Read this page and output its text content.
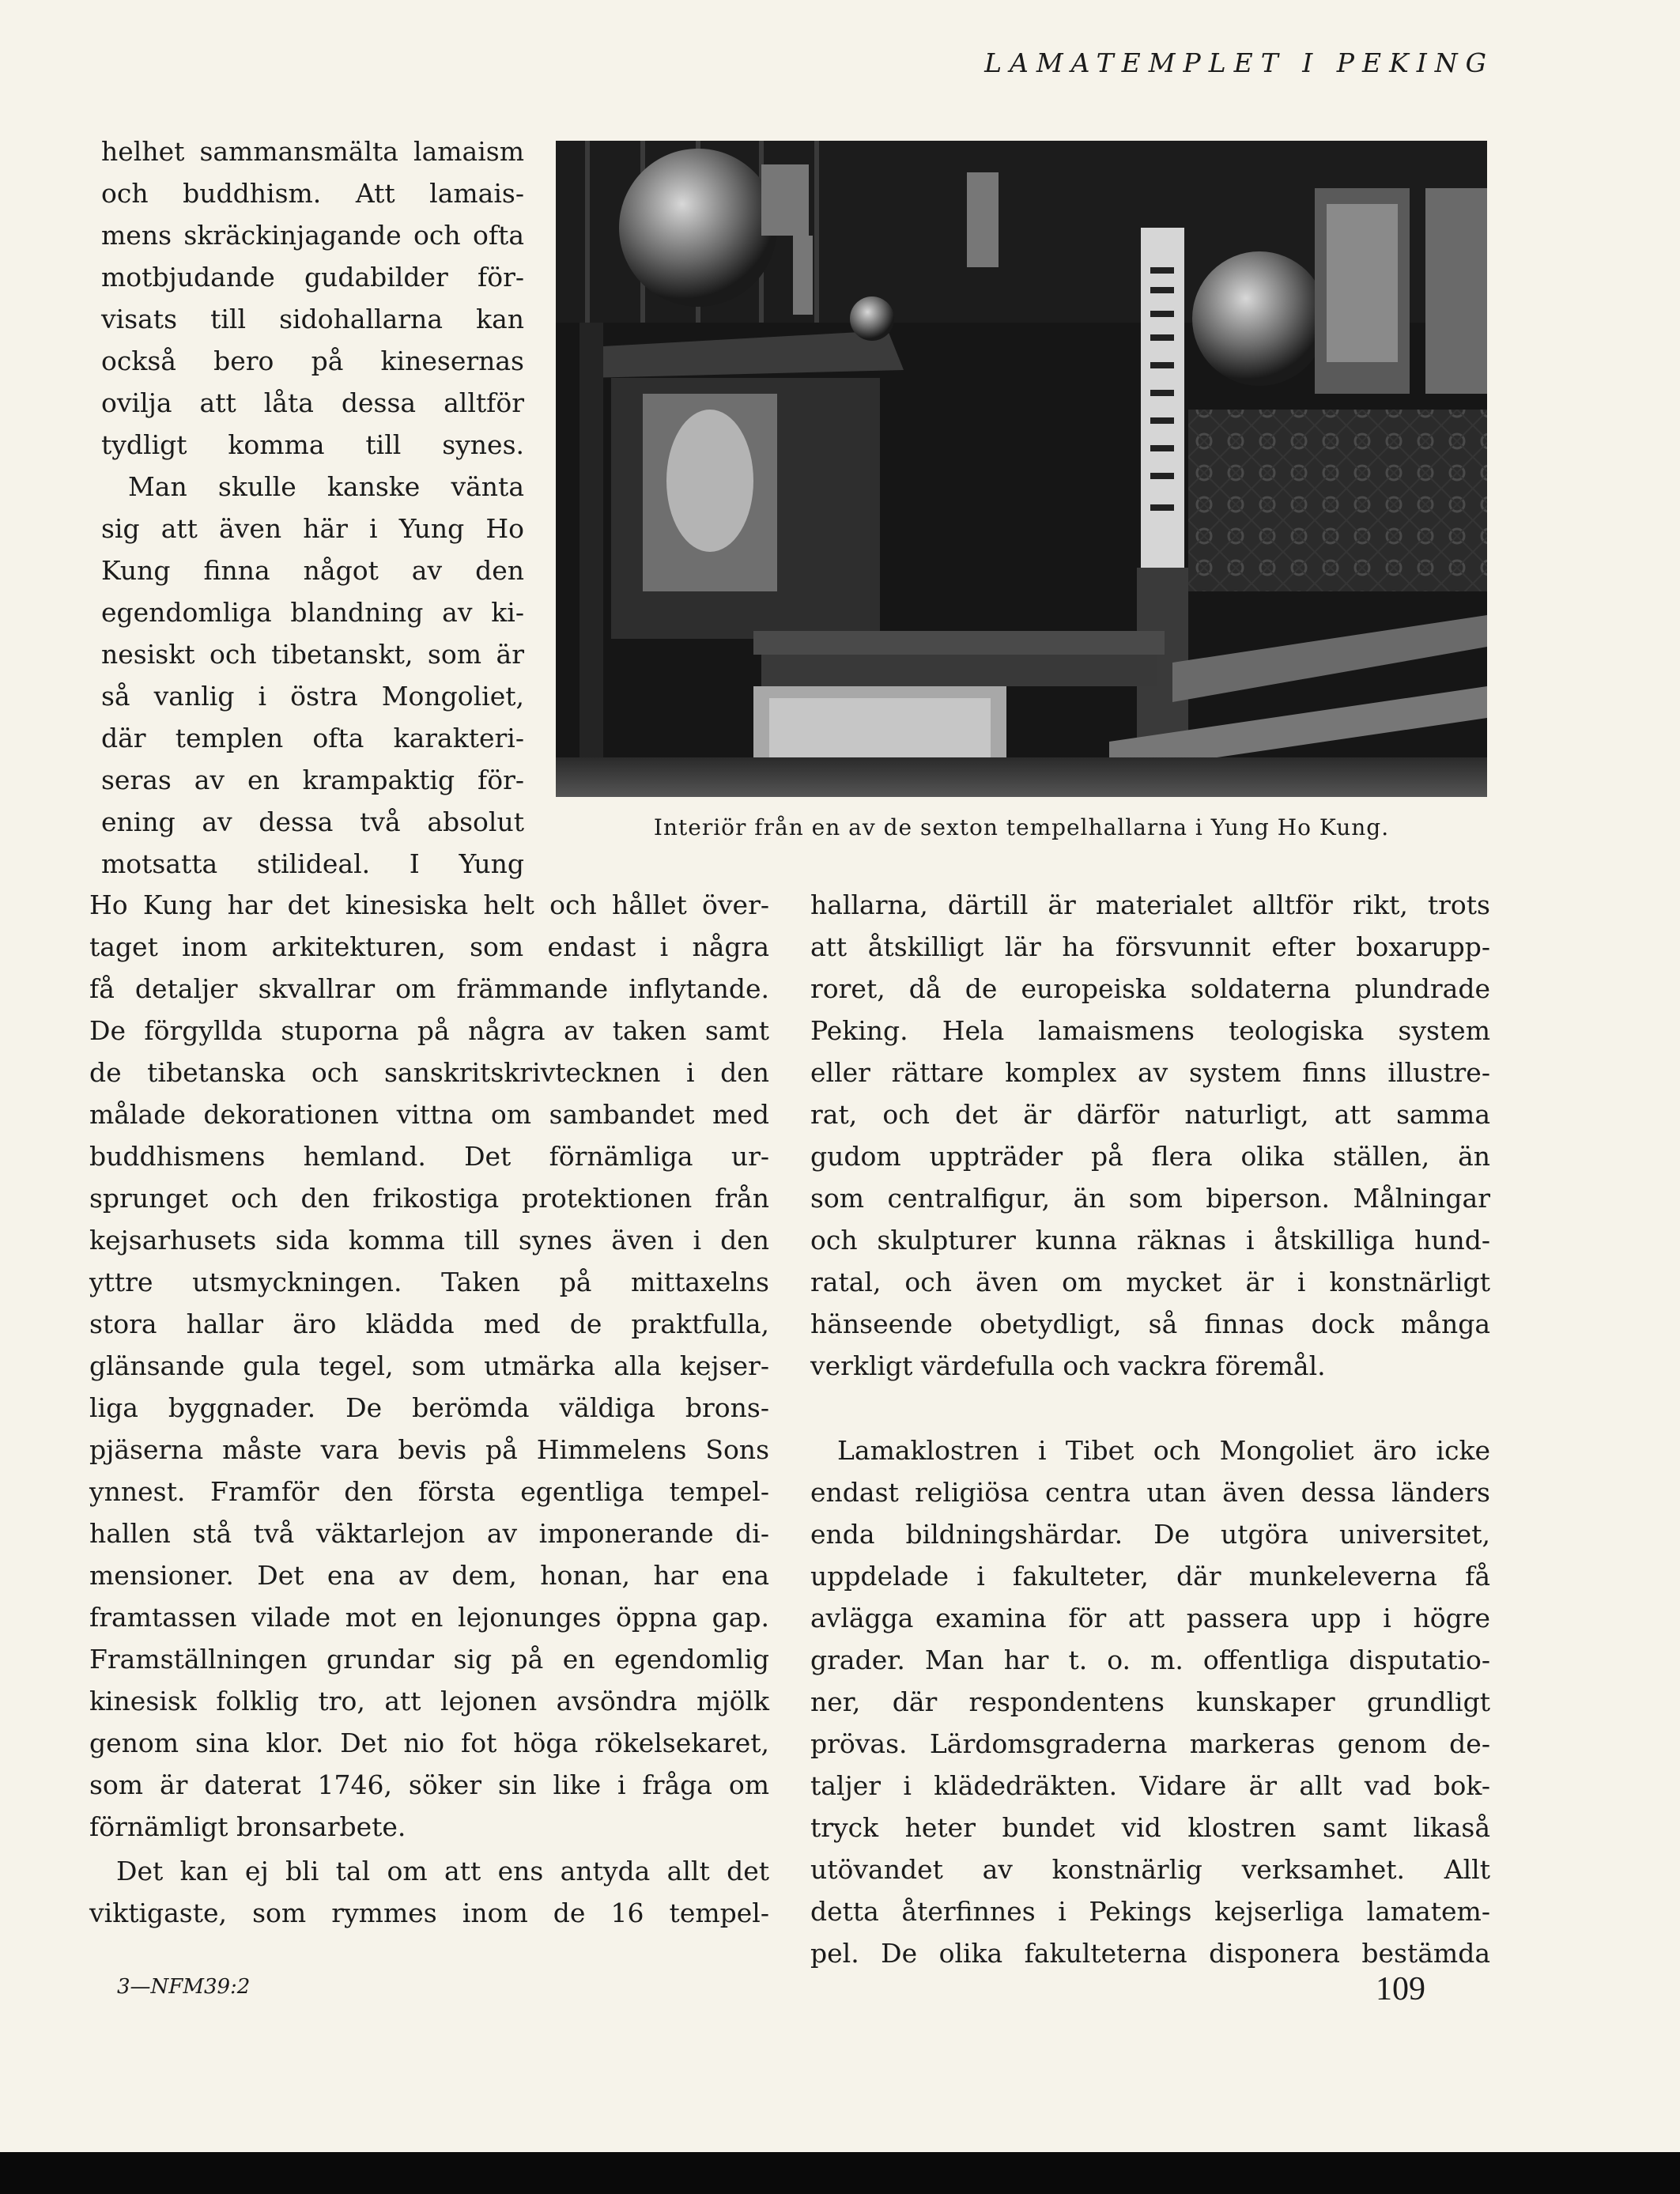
LAMATEMPLET I PEKING
helhet sammansmälta lamaism
och buddhism. Att lamais-
mens skräckinjagande och ofta
motbjudande gudabilder för-
visats till sidohallarna kan
också bero på kinesernas
ovilja att låta dessa alltför
tydligt komma till synes.
Man skulle kanske vänta
sig att även här i Yung Ho
Kung finna något av den
egendomliga blandning av ki-
nesiskt och tibetanskt, som är
så vanlig i östra Mongoliet,
där templen ofta karakteri-
seras av en krampaktig för-
ening av dessa två absolut
motsatta stilideal. I Yung
Interiör från en av de sexton tempelhallarna i Yung Ho Kung.
Ho Kung har det kinesiska helt och hållet över-
taget inom arkitekturen, som endast i några
få detaljer skvallrar om främmande inflytande.
De förgyllda stuporna på några av taken samt
de tibetanska och sanskritskrivtecknen i den
målade dekorationen vittna om sambandet med
buddhismens hemland. Det förnämliga ur-
sprunget och den frikostiga protektionen från
kejsarhusets sida komma till synes även i den
yttre utsmyckningen. Taken på mittaxelns
stora hallar äro klädda med de praktfulla,
glänsande gula tegel, som utmärka alla kejser-
liga byggnader. De berömda väldiga brons-
pjäserna måste vara bevis på Himmelens Sons
ynnest. Framför den första egentliga tempel-
hallen stå två väktarlejon av imponerande di-
mensioner. Det ena av dem, honan, har ena
framtassen vilade mot en lejonunges öppna gap.
Framställningen grundar sig på en egendomlig
kinesisk folklig tro, att lejonen avsöndra mjölk
genom sina klor. Det nio fot höga rökelsekaret,
som är daterat 1746, söker sin like i fråga om
förnämligt bronsarbete.
Det kan ej bli tal om att ens antyda allt det
viktigaste, som rymmes inom de 16 tempel-
hallarna, därtill är materialet alltför rikt, trots
att åtskilligt lär ha försvunnit efter boxarupp-
roret, då de europeiska soldaterna plundrade
Peking. Hela lamaismens teologiska system
eller rättare komplex av system finns illustre-
rat, och det är därför naturligt, att samma
gudom uppträder på flera olika ställen, än
som centralfigur, än som biperson. Målningar
och skulpturer kunna räknas i åtskilliga hund-
ratal, och även om mycket är i konstnärligt
hänseende obetydligt, så finnas dock många
verkligt värdefulla och vackra föremål.
Lamaklostren i Tibet och Mongoliet äro icke
endast religiösa centra utan även dessa länders
enda bildningshärdar. De utgöra universitet,
uppdelade i fakulteter, där munkeleverna få
avlägga examina för att passera upp i högre
grader. Man har t. o. m. offentliga disputatio-
ner, där respondentens kunskaper grundligt
prövas. Lärdomsgraderna markeras genom de-
taljer i klädedräkten. Vidare är allt vad bok-
tryck heter bundet vid klostren samt likaså
utövandet av konstnärlig verksamhet. Allt
detta återfinnes i Pekings kejserliga lamatem-
pel. De olika fakulteterna disponera bestämda
3—NFM39:2	109
